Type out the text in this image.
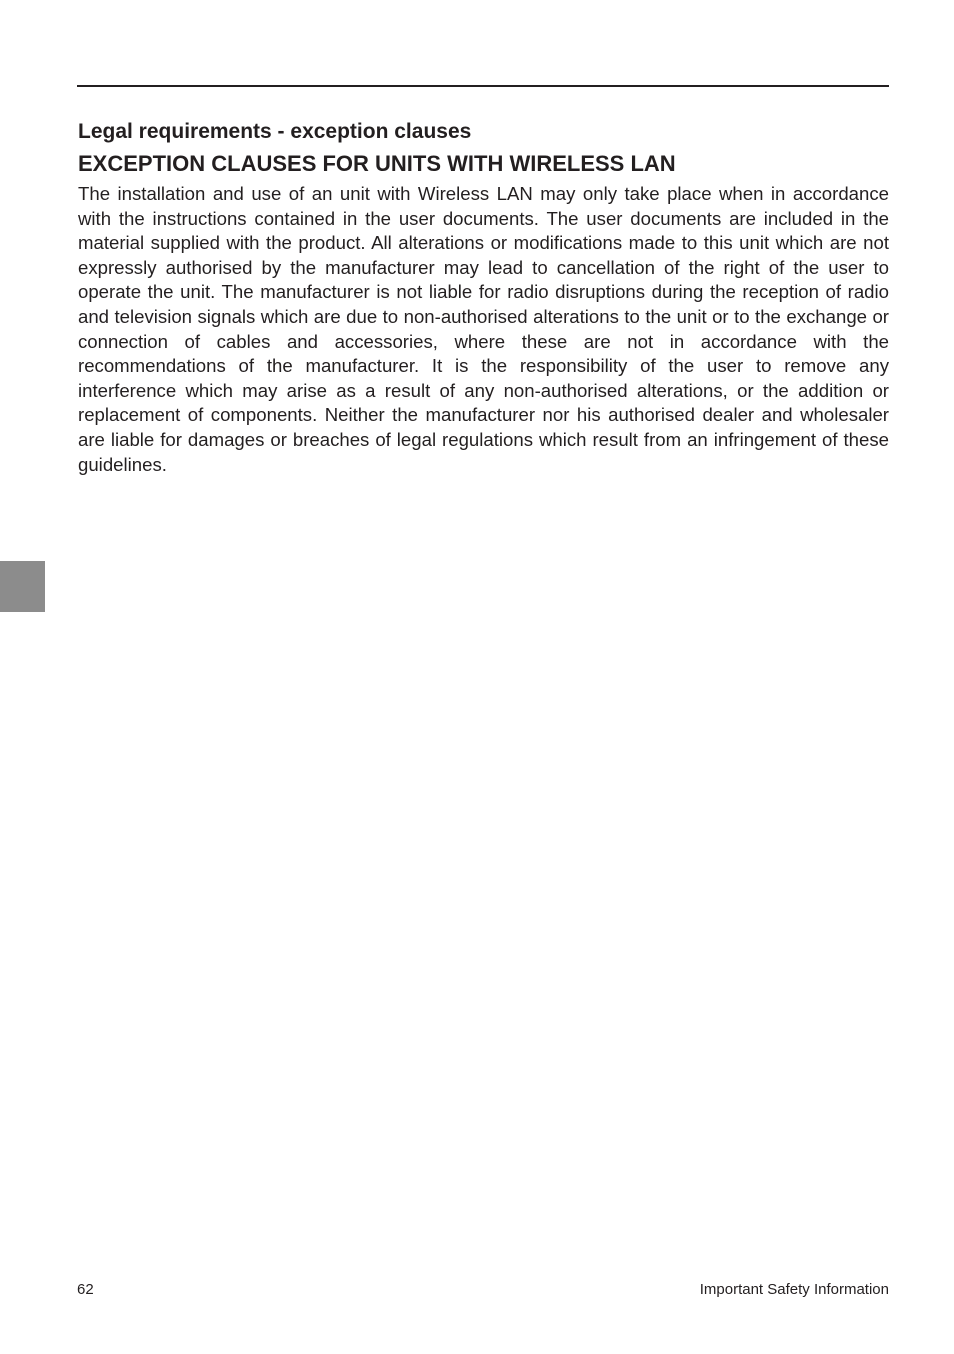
Legal requirements - exception clauses
EXCEPTION CLAUSES FOR UNITS WITH WIRELESS LAN

The installation and use of an unit with Wireless LAN may only take place when in accordance with the instructions contained in the user documents. The user documents are included in the material supplied with the product. All alterations or modifications made to this unit which are not expressly authorised by the manufacturer may lead to cancellation of the right of the user to operate the unit. The manufacturer is not liable for radio disruptions during the reception of radio and television signals which are due to non-authorised alterations to the unit or to the exchange or connection of cables and accessories, where these are not in accordance with the recommendations of the manufacturer. It is the responsibility of the user to remove any interference which may arise as a result of any non-authorised alterations, or the addition or replacement of components. Neither the manufacturer nor his authorised dealer and wholesaler are liable for damages or breaches of legal regulations which result from an infringement of these guidelines.

62	Important Safety Information
